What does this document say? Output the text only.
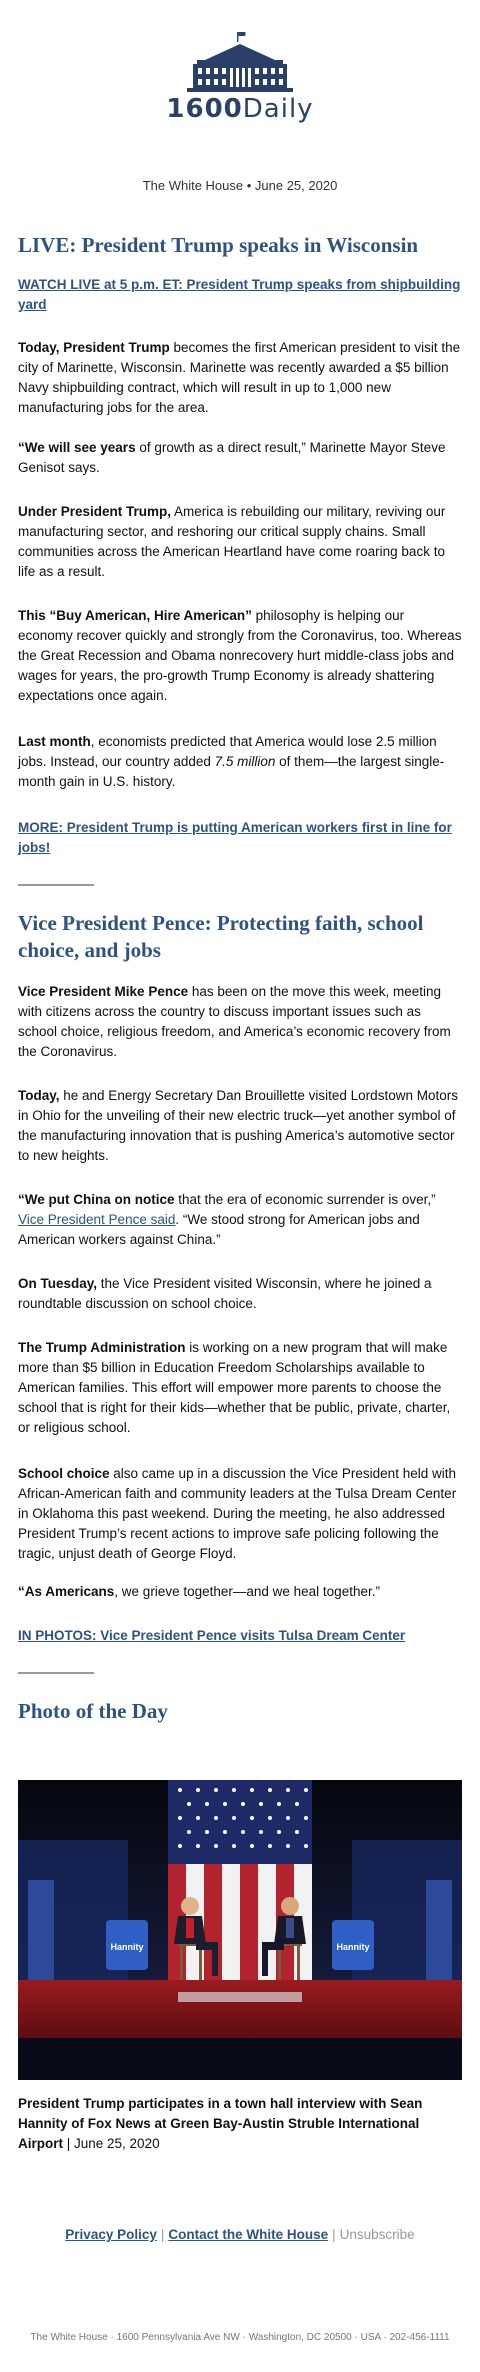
1600Daily
The White House • June 25, 2020
LIVE: President Trump speaks in Wisconsin
WATCH LIVE at 5 p.m. ET: President Trump speaks from shipbuilding yard

Today, President Trump becomes the first American president to visit the city of Marinette, Wisconsin. Marinette was recently awarded a $5 billion Navy shipbuilding contract, which will result in up to 1,000 new manufacturing jobs for the area.

“We will see years of growth as a direct result,” Marinette Mayor Steve Genisot says.

Under President Trump, America is rebuilding our military, reviving our manufacturing sector, and reshoring our critical supply chains. Small communities across the American Heartland have come roaring back to life as a result.

This “Buy American, Hire American” philosophy is helping our economy recover quickly and strongly from the Coronavirus, too. Whereas the Great Recession and Obama nonrecovery hurt middle-class jobs and wages for years, the pro-growth Trump Economy is already shattering expectations once again.

Last month, economists predicted that America would lose 2.5 million jobs. Instead, our country added 7.5 million of them—the largest single-month gain in U.S. history.

MORE: President Trump is putting American workers first in line for jobs!
Vice President Pence: Protecting faith, school choice, and jobs

Vice President Mike Pence has been on the move this week, meeting with citizens across the country to discuss important issues such as school choice, religious freedom, and America’s economic recovery from the Coronavirus.

Today, he and Energy Secretary Dan Brouillette visited Lordstown Motors in Ohio for the unveiling of their new electric truck—yet another symbol of the manufacturing innovation that is pushing America’s automotive sector to new heights.

“We put China on notice that the era of economic surrender is over,” Vice President Pence said. “We stood strong for American jobs and American workers against China.”

On Tuesday, the Vice President visited Wisconsin, where he joined a roundtable discussion on school choice.

The Trump Administration is working on a new program that will make more than $5 billion in Education Freedom Scholarships available to American families. This effort will empower more parents to choose the school that is right for their kids—whether that be public, private, charter, or religious school.

School choice also came up in a discussion the Vice President held with African-American faith and community leaders at the Tulsa Dream Center in Oklahoma this past weekend. During the meeting, he also addressed President Trump’s recent actions to improve safe policing following the tragic, unjust death of George Floyd.

“As Americans, we grieve together—and we heal together.”

IN PHOTOS: Vice President Pence visits Tulsa Dream Center
Photo of the Day
Hannity	Hannity

President Trump participates in a town hall interview with Sean Hannity of Fox News at Green Bay-Austin Struble International Airport | June 25, 2020

Privacy Policy | Contact the White House | Unsubscribe
The White House · 1600 Pennsylvania Ave NW · Washington, DC 20500 · USA · 202-456-1111
